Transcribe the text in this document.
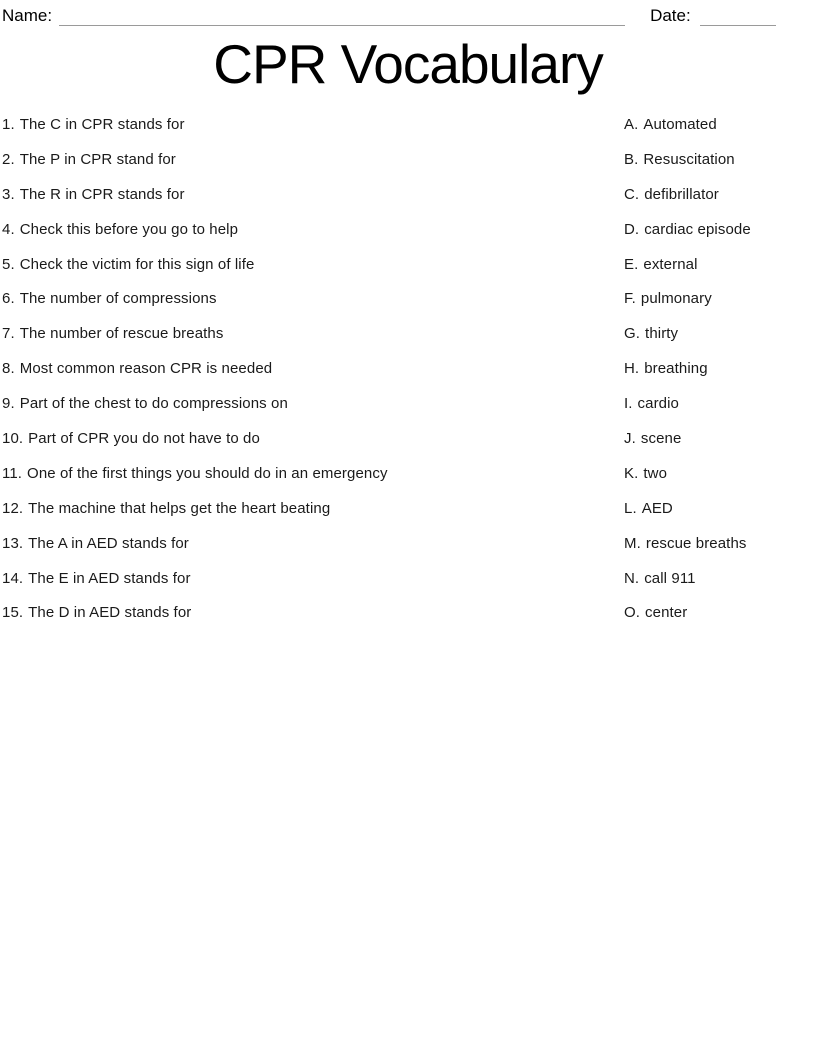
Name:	Date:
CPR Vocabulary
1. The C in CPR stands for	A. Automated
2. The P in CPR stand for	B. Resuscitation
3. The R in CPR stands for	C. defibrillator
4. Check this before you go to help	D. cardiac episode
5. Check the victim for this sign of life	E. external
6. The number of compressions	F. pulmonary
7. The number of rescue breaths	G. thirty
8. Most common reason CPR is needed	H. breathing
9. Part of the chest to do compressions on	I. cardio
10. Part of CPR you do not have to do	J. scene
11. One of the first things you should do in an emergency	K. two
12. The machine that helps get the heart beating	L. AED
13. The A in AED stands for	M. rescue breaths
14. The E in AED stands for	N. call 911
15. The D in AED stands for	O. center
